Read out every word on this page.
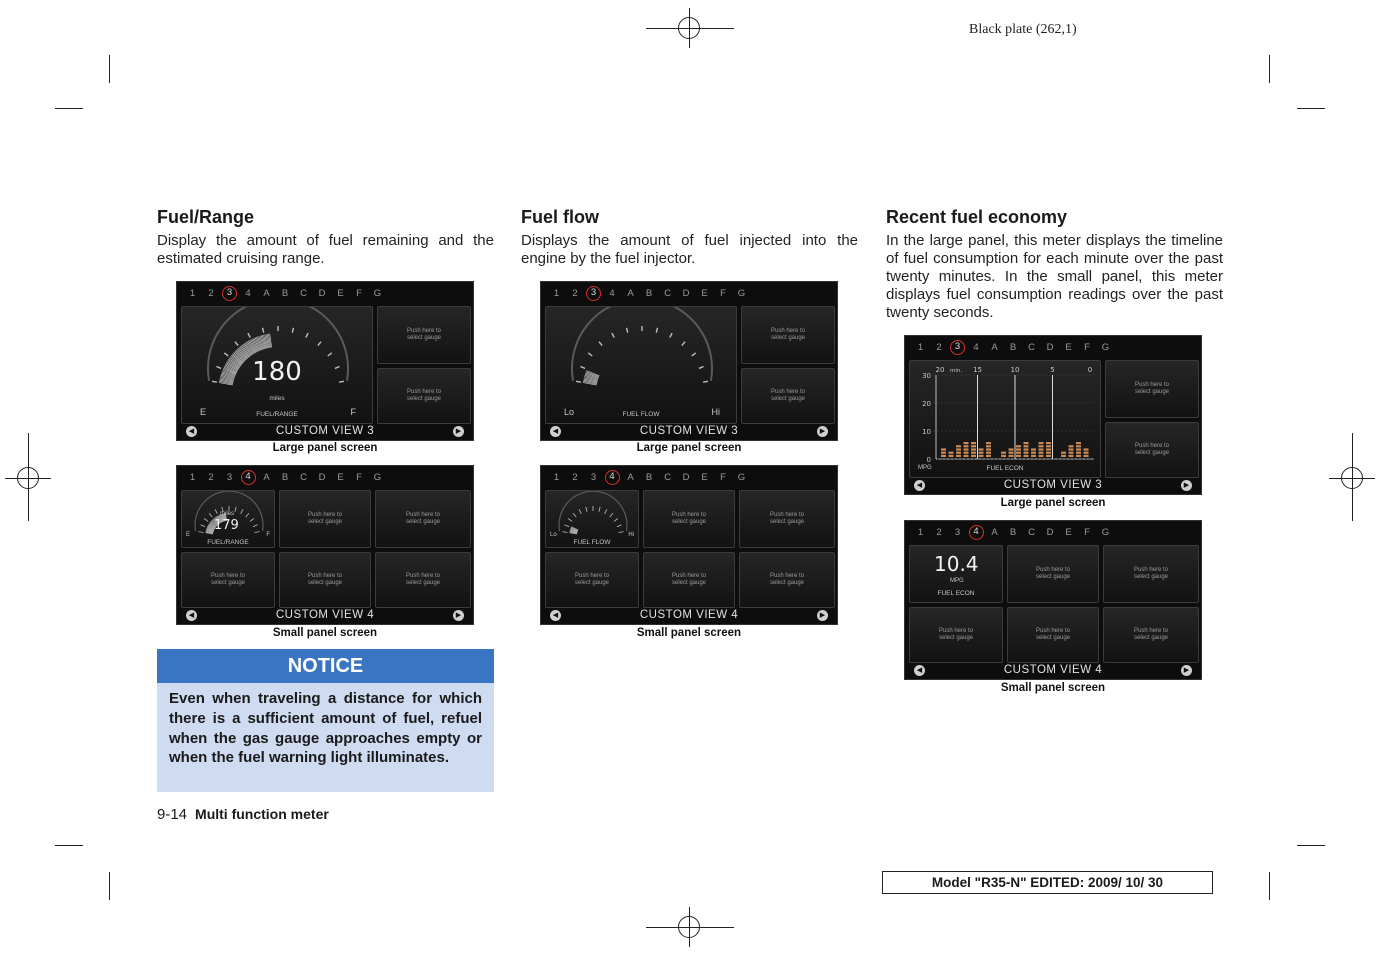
Black plate (262,1)
Fuel/Range

Display the amount of fuel remaining and the estimated cruising range.

1	2	3	4	A	B	C	D	E	F	G
180
miles
FUEL/RANGE
E	F
Push here to
select gauge
Push here to
select gauge
◀	CUSTOM VIEW 3	▶
Large panel screen
1	2	3	4	A	B	C	D	E	F	G
179
miles
FUEL/RANGE
E	F
Push here to
select gauge
Push here to
select gauge
Push here to
select gauge
Push here to
select gauge
Push here to
select gauge
◀	CUSTOM VIEW 4	▶
Small panel screen
NOTICE
Even when traveling a distance for which there is a sufficient amount of fuel, refuel when the gas gauge approaches empty or when the fuel warning light illuminates.
9-14 Multi function meter
Fuel flow

Displays the amount of fuel injected into the engine by the fuel injector.

1	2	3	4	A	B	C	D	E	F	G
FUEL FLOW
Lo	Hi
Push here to
select gauge
Push here to
select gauge
◀	CUSTOM VIEW 3	▶
Large panel screen
1	2	3	4	A	B	C	D	E	F	G
FUEL FLOW
Lo	Hi
Push here to
select gauge
Push here to
select gauge
Push here to
select gauge
Push here to
select gauge
Push here to
select gauge
◀	CUSTOM VIEW 4	▶
Small panel screen
Recent fuel economy

In the large panel, this meter displays the timeline of fuel consumption for each minute over the past twenty minutes. In the small panel, this meter displays fuel consumption readings over the past twenty seconds.

1	2	3	4	A	B	C	D	E	F	G
30
20
10
0
20	15	10	5	0
min.
MPG	FUEL ECON
Push here to
select gauge
Push here to
select gauge
◀	CUSTOM VIEW 3	▶
Large panel screen
1	2	3	4	A	B	C	D	E	F	G
10.4
MPG
FUEL ECON
Push here to
select gauge
Push here to
select gauge
Push here to
select gauge
Push here to
select gauge
Push here to
select gauge
◀	CUSTOM VIEW 4	▶
Small panel screen
Model "R35-N" EDITED: 2009/ 10/ 30
